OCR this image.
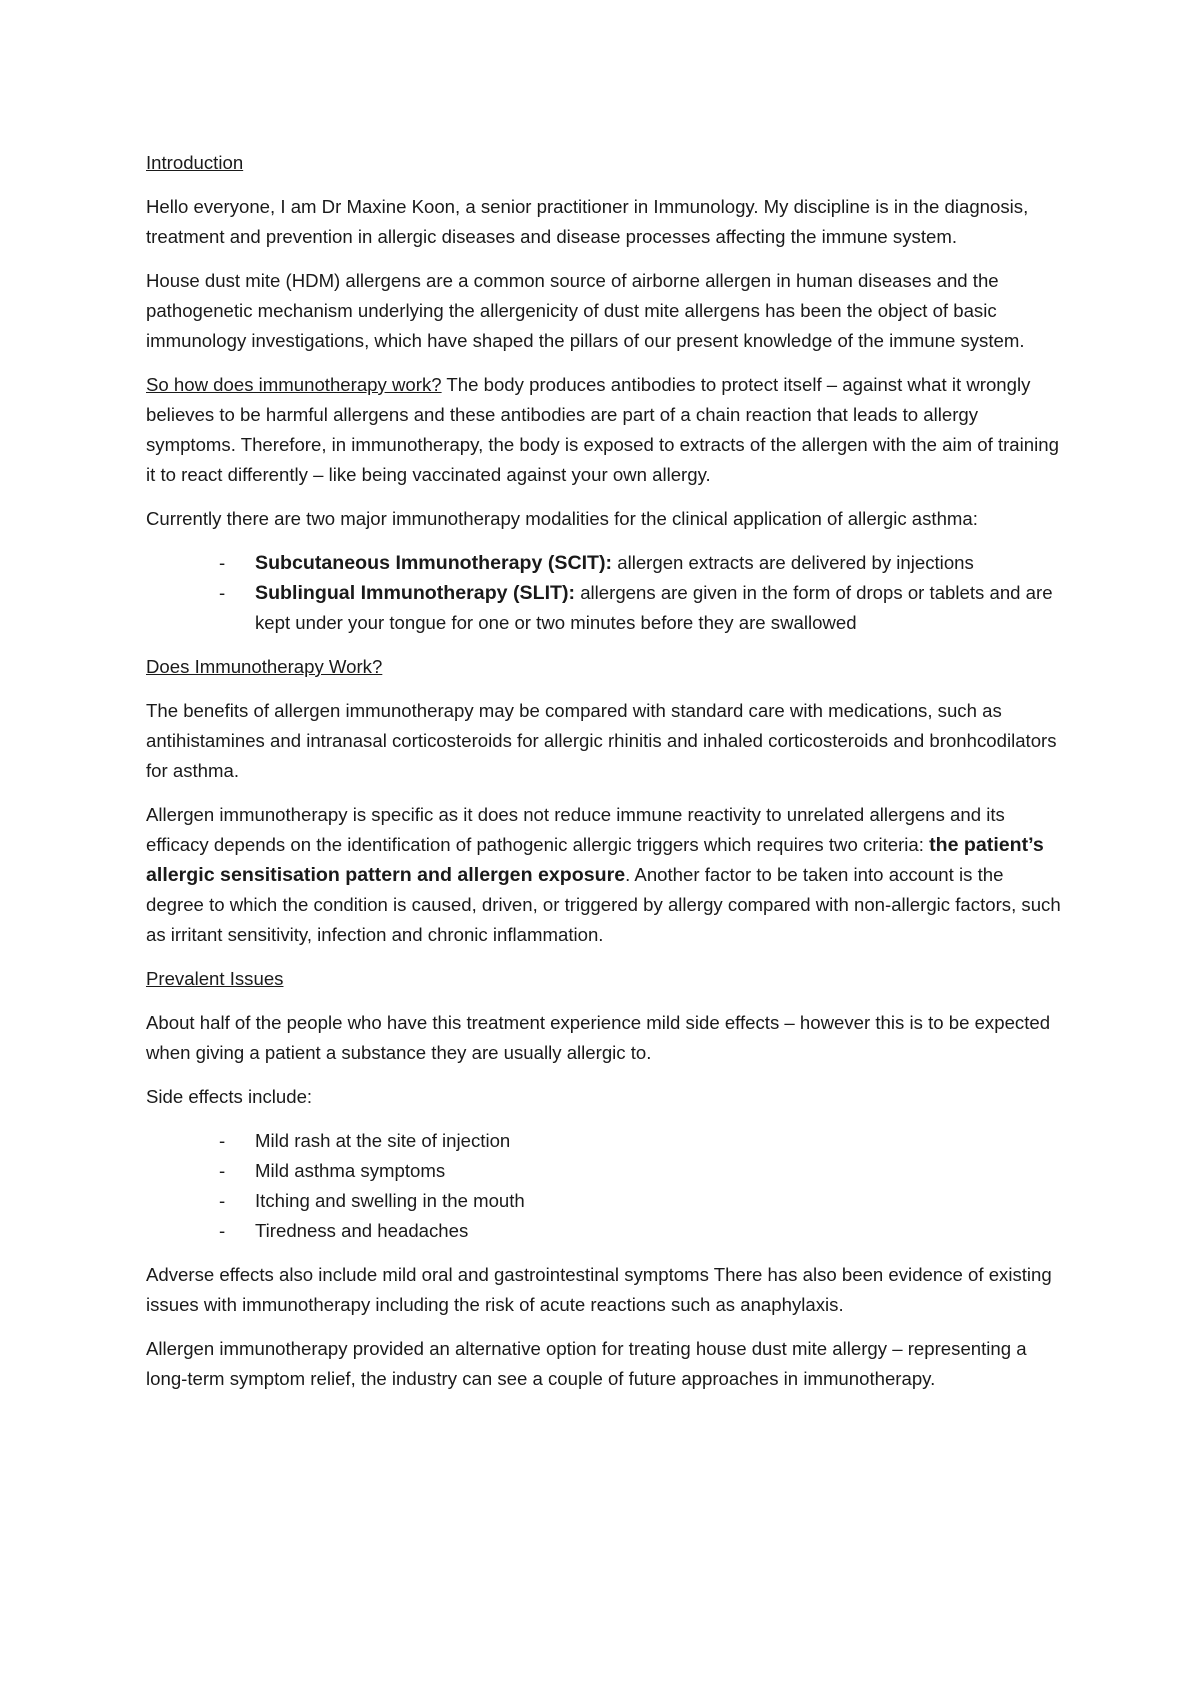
Introduction

Hello everyone, I am Dr Maxine Koon, a senior practitioner in Immunology. My discipline is in the diagnosis, treatment and prevention in allergic diseases and disease processes affecting the immune system.

House dust mite (HDM) allergens are a common source of airborne allergen in human diseases and the pathogenetic mechanism underlying the allergenicity of dust mite allergens has been the object of basic immunology investigations, which have shaped the pillars of our present knowledge of the immune system.

So how does immunotherapy work? The body produces antibodies to protect itself – against what it wrongly believes to be harmful allergens and these antibodies are part of a chain reaction that leads to allergy symptoms. Therefore, in immunotherapy, the body is exposed to extracts of the allergen with the aim of training it to react differently – like being vaccinated against your own allergy.

Currently there are two major immunotherapy modalities for the clinical application of allergic asthma:

- Subcutaneous Immunotherapy (SCIT): allergen extracts are delivered by injections
- Sublingual Immunotherapy (SLIT): allergens are given in the form of drops or tablets and are kept under your tongue for one or two minutes before they are swallowed
Does Immunotherapy Work?

The benefits of allergen immunotherapy may be compared with standard care with medications, such as antihistamines and intranasal corticosteroids for allergic rhinitis and inhaled corticosteroids and bronhcodilators for asthma.

Allergen immunotherapy is specific as it does not reduce immune reactivity to unrelated allergens and its efficacy depends on the identification of pathogenic allergic triggers which requires two criteria: the patient’s allergic sensitisation pattern and allergen exposure. Another factor to be taken into account is the degree to which the condition is caused, driven, or triggered by allergy compared with non-allergic factors, such as irritant sensitivity, infection and chronic inflammation.

Prevalent Issues

About half of the people who have this treatment experience mild side effects – however this is to be expected when giving a patient a substance they are usually allergic to.

Side effects include:

- Mild rash at the site of injection
- Mild asthma symptoms
- Itching and swelling in the mouth
- Tiredness and headaches

Adverse effects also include mild oral and gastrointestinal symptoms There has also been evidence of existing issues with immunotherapy including the risk of acute reactions such as anaphylaxis.

Allergen immunotherapy provided an alternative option for treating house dust mite allergy – representing a long-term symptom relief, the industry can see a couple of future approaches in immunotherapy.
